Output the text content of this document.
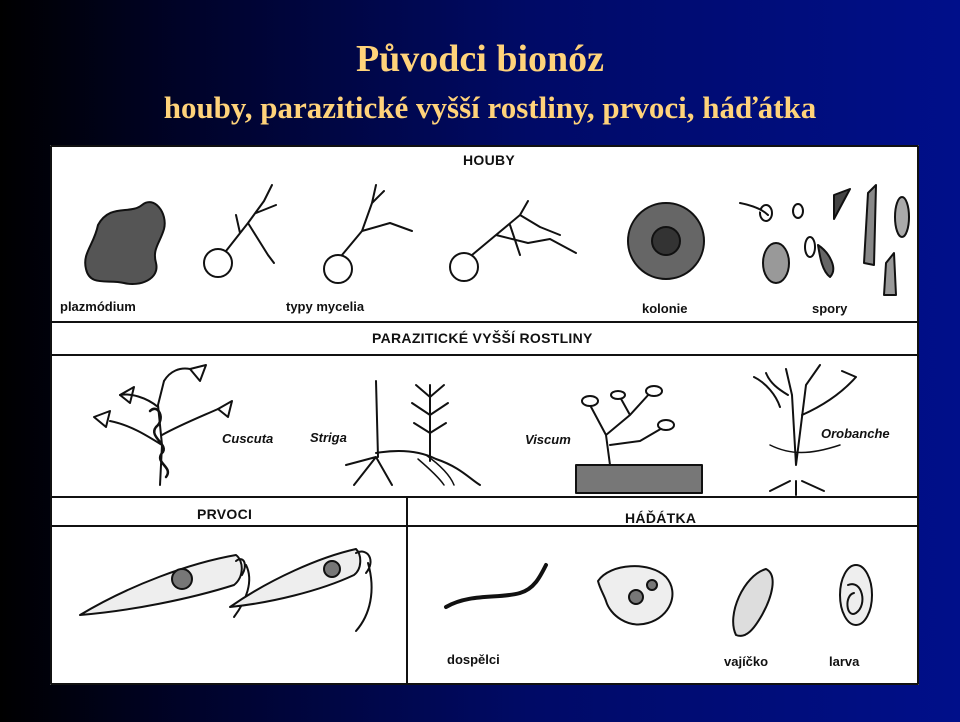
Původci bionóz
houby, parazitické vyšší rostliny, prvoci, háďátka
HOUBY
plazmódium	typy mycelia	kolonie	spory
PARAZITICKÉ VYŠŠÍ ROSTLINY
Cuscuta	Striga	Viscum	Orobanche
PRVOCI	HÁĎÁTKA
dospělci	vajíčko	larva
